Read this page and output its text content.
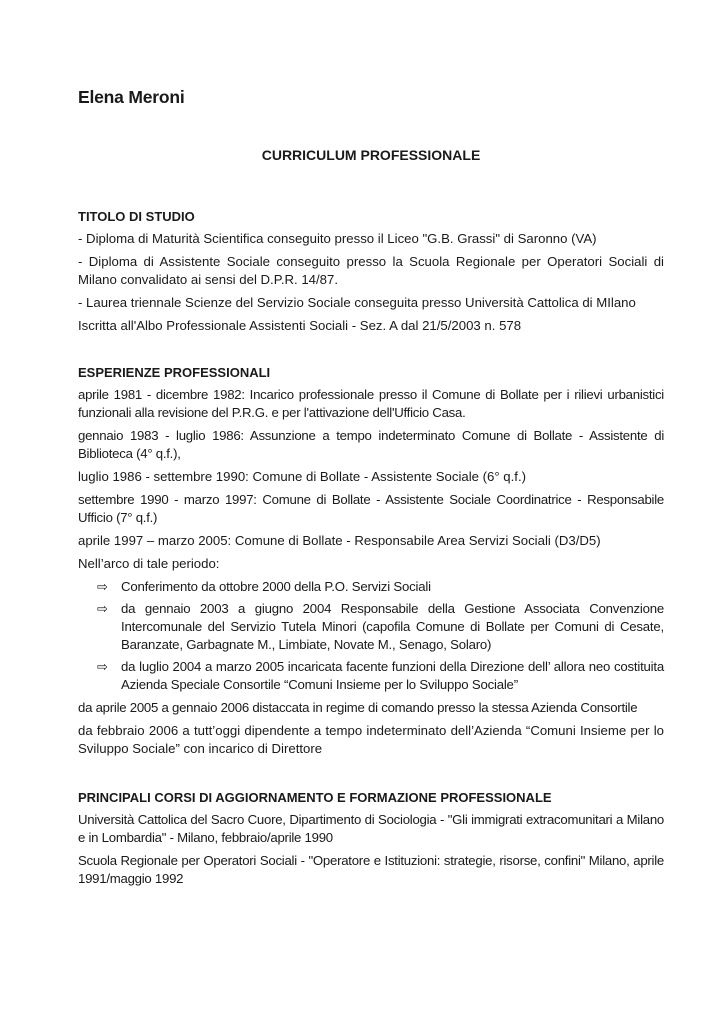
Elena Meroni
CURRICULUM PROFESSIONALE
TITOLO DI STUDIO

- Diploma di Maturità Scientifica conseguito presso il Liceo "G.B. Grassi" di Saronno (VA)

- Diploma di Assistente Sociale conseguito presso la Scuola Regionale per Operatori Sociali di Milano convalidato ai sensi del D.P.R. 14/87.

- Laurea triennale Scienze del Servizio Sociale conseguita presso Università Cattolica di MIlano

Iscritta all'Albo Professionale Assistenti Sociali - Sez. A dal 21/5/2003 n. 578

ESPERIENZE PROFESSIONALI

aprile 1981 - dicembre 1982: Incarico professionale presso il Comune di Bollate per i rilievi urbanistici funzionali alla revisione del P.R.G. e per l'attivazione dell'Ufficio Casa.

gennaio 1983 - luglio 1986: Assunzione a tempo indeterminato Comune di Bollate - Assistente di Biblioteca (4° q.f.),

luglio 1986 - settembre 1990: Comune di Bollate - Assistente Sociale (6° q.f.)

settembre 1990 - marzo 1997: Comune di Bollate - Assistente Sociale Coordinatrice - Responsabile Ufficio (7° q.f.)

aprile 1997 – marzo 2005: Comune di Bollate - Responsabile Area Servizi Sociali (D3/D5)

Nell’arco di tale periodo:

⇨ Conferimento da ottobre 2000 della P.O. Servizi Sociali
⇨ da gennaio 2003 a giugno 2004 Responsabile della Gestione Associata Convenzione Intercomunale del Servizio Tutela Minori (capofila Comune di Bollate per Comuni di Cesate, Baranzate, Garbagnate M., Limbiate, Novate M., Senago, Solaro)
⇨ da luglio 2004 a marzo 2005 incaricata facente funzioni della Direzione dell’ allora neo costituita Azienda Speciale Consortile “Comuni Insieme per lo Sviluppo Sociale”

da aprile 2005 a gennaio 2006 distaccata in regime di comando presso la stessa Azienda Consortile

da febbraio 2006 a tutt’oggi dipendente a tempo indeterminato dell’Azienda “Comuni Insieme per lo Sviluppo Sociale” con incarico di Direttore

PRINCIPALI CORSI DI AGGIORNAMENTO E FORMAZIONE PROFESSIONALE

Università Cattolica del Sacro Cuore, Dipartimento di Sociologia - "Gli immigrati extracomunitari a Milano e in Lombardia" - Milano, febbraio/aprile 1990

Scuola Regionale per Operatori Sociali - "Operatore e Istituzioni: strategie, risorse, confini" Milano, aprile 1991/maggio 1992
